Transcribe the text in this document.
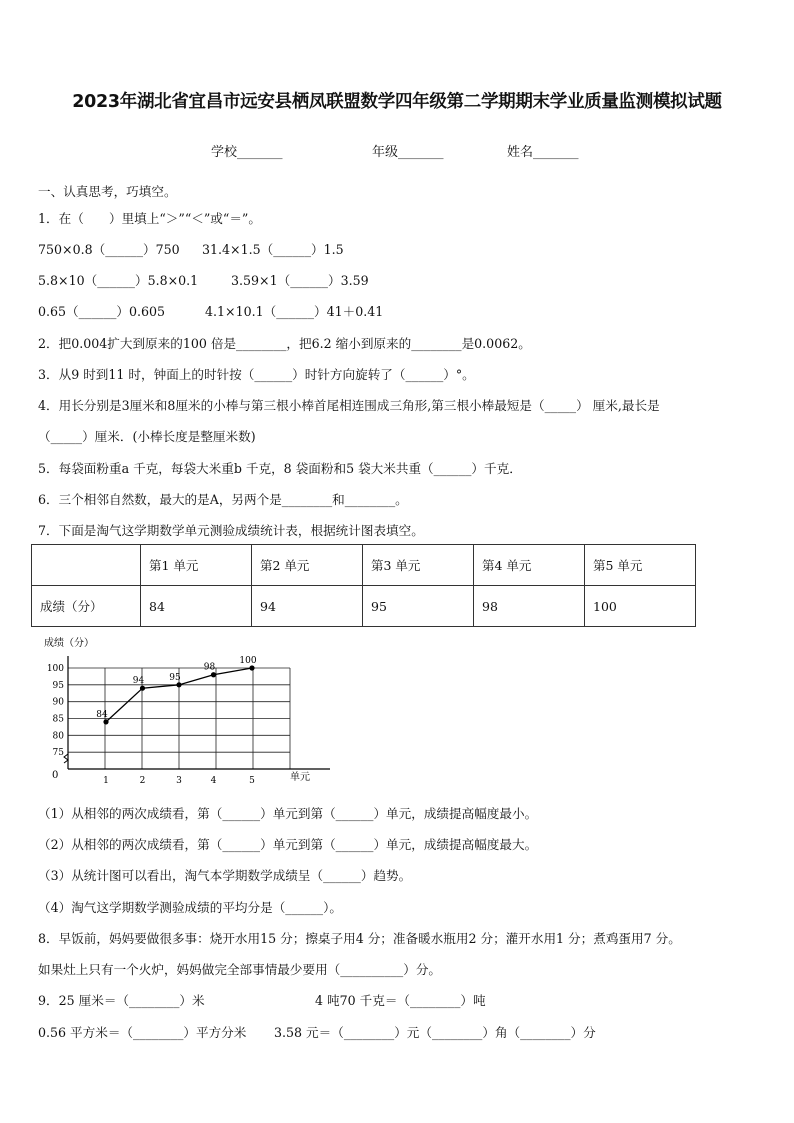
2023年湖北省宜昌市远安县栖凤联盟数学四年级第二学期期末学业质量监测模拟试题
学校_______	年级_______	姓名_______
一、认真思考，巧填空。
1．在（　　）里填上“＞”“＜”或“＝”。
750×0.8（______）750 31.4×1.5（______）1.5
5.8×10（______）5.8×0.1	3.59×1（______）3.59
0.65（______）0.605	4.1×10.1（______）41＋0.41
2．把0.004扩大到原来的100 倍是________，把6.2 缩小到原来的________是0.0062。
3．从9 时到11 时，钟面上的时针按（______）时针方向旋转了（______）°。
4．用长分别是3厘米和8厘米的小棒与第三根小棒首尾相连围成三角形,第三根小棒最短是（_____） 厘米,最长是
（_____）厘米．(小棒长度是整厘米数)
5．每袋面粉重a 千克，每袋大米重b 千克，8 袋面粉和5 袋大米共重（______）千克．
6．三个相邻自然数，最大的是A，另两个是________和________。
7．下面是淘气这学期数学单元测验成绩统计表，根据统计图表填空。
	第1 单元	第2 单元	第3 单元	第4 单元	第5 单元
成绩（分）	84	94	95	98	100
成绩（分）
75
80
85
90
95
100
1	2	3	4	5
84
94	95
98
100
单元
0
（1）从相邻的两次成绩看，第（______）单元到第（______）单元，成绩提高幅度最小。
（2）从相邻的两次成绩看，第（______）单元到第（______）单元，成绩提高幅度最大。
（3）从统计图可以看出，淘气本学期数学成绩呈（______）趋势。
（4）淘气这学期数学测验成绩的平均分是（______）。
8．早饭前，妈妈要做很多事：烧开水用15 分；擦桌子用4 分；准备暖水瓶用2 分；灌开水用1 分；煮鸡蛋用7 分。
如果灶上只有一个火炉，妈妈做完全部事情最少要用（__________）分。
9．25 厘米＝（________）米	4 吨70 千克＝（________）吨
0.56 平方米＝（________）平方分米 3.58 元＝（________）元（________）角（________）分
